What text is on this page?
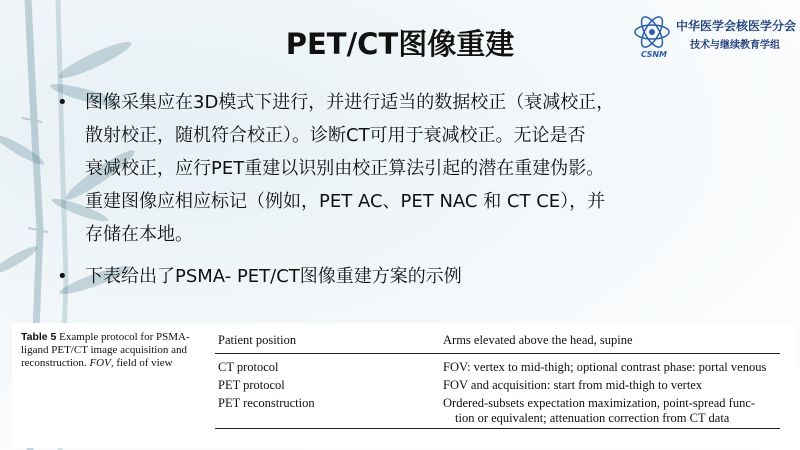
CSNM
中华医学会核医学分会
技术与继续教育学组
PET/CT图像重建
• 图像采集应在3D模式下进行，并进行适当的数据校正（衰减校正，
散射校正，随机符合校正）。诊断CT可用于衰减校正。无论是否
衰减校正，应行PET重建以识别由校正算法引起的潜在重建伪影。
重建图像应相应标记（例如，PET AC、PET NAC 和 CT CE），并
存储在本地。
• 下表给出了PSMA- PET/CT图像重建方案的示例
Table 5 Example protocol for PSMA-ligand PET/CT image acquisition and reconstruction. FOV, field of view
Patient position	Arms elevated above the head, supine
CT protocol	FOV: vertex to mid-thigh; optional contrast phase: portal venous
PET protocol	FOV and acquisition: start from mid-thigh to vertex
PET reconstruction	Ordered-subsets expectation maximization, point-spread func-
tion or equivalent; attenuation correction from CT data
